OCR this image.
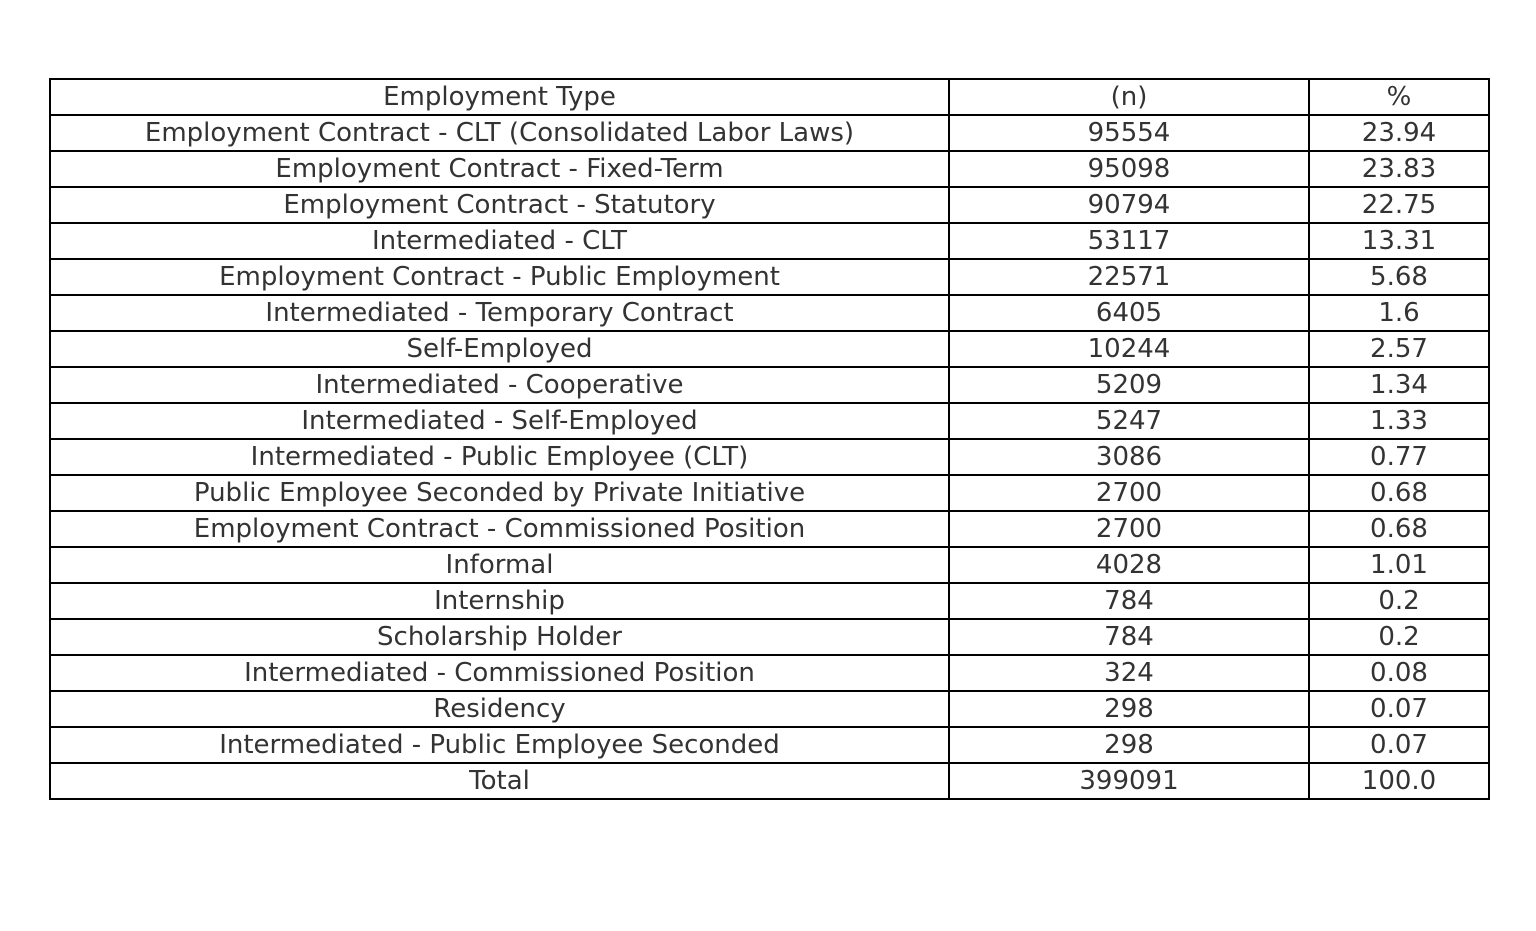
Employment Type	(n)	%
Employment Contract - CLT (Consolidated Labor Laws)	95554	23.94
Employment Contract - Fixed-Term	95098	23.83
Employment Contract - Statutory	90794	22.75
Intermediated - CLT	53117	13.31
Employment Contract - Public Employment	22571	5.68
Intermediated - Temporary Contract	6405	1.6
Self-Employed	10244	2.57
Intermediated - Cooperative	5209	1.34
Intermediated - Self-Employed	5247	1.33
Intermediated - Public Employee (CLT)	3086	0.77
Public Employee Seconded by Private Initiative	2700	0.68
Employment Contract - Commissioned Position	2700	0.68
Informal	4028	1.01
Internship	784	0.2
Scholarship Holder	784	0.2
Intermediated - Commissioned Position	324	0.08
Residency	298	0.07
Intermediated - Public Employee Seconded	298	0.07
Total	399091	100.0
